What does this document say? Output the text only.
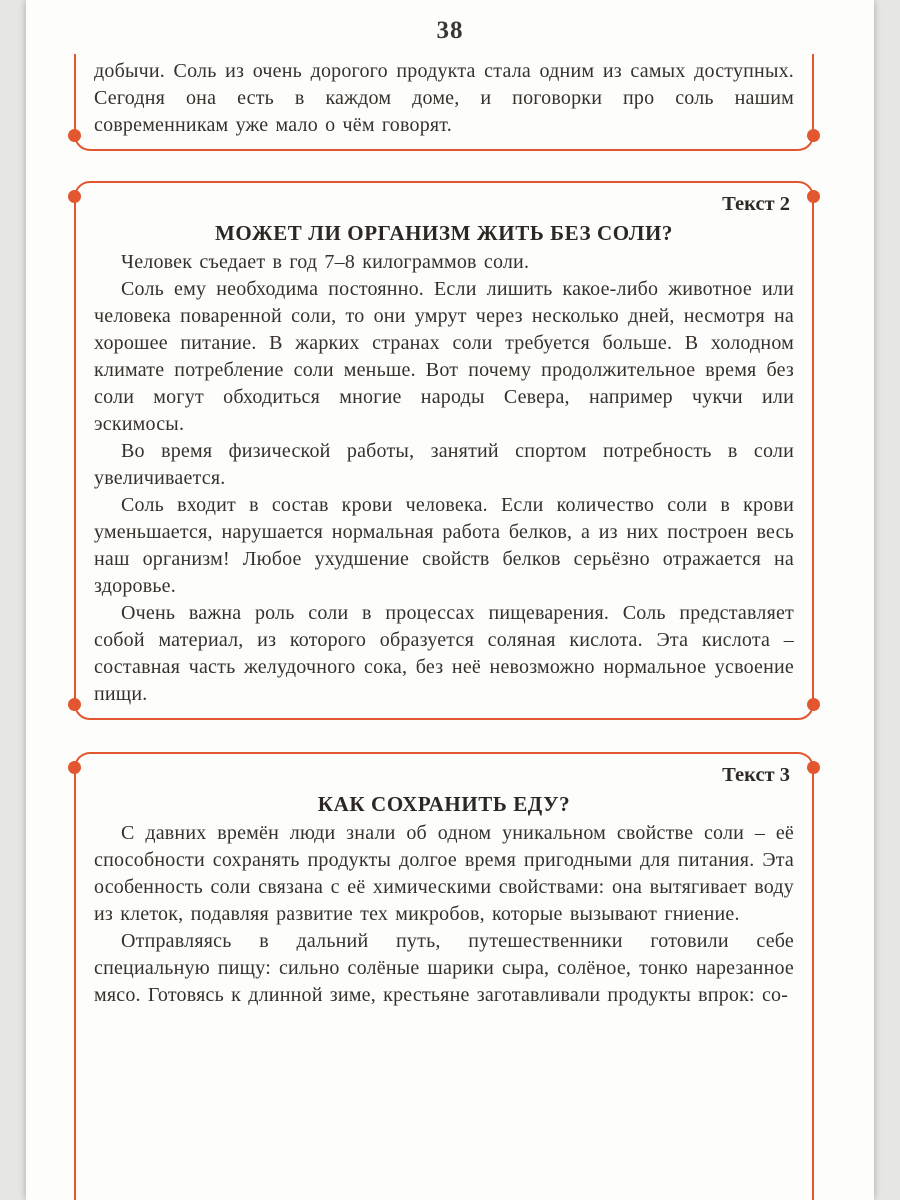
38

добычи. Соль из очень дорогого продукта стала одним из самых доступных. Сегодня она есть в каждом доме, и поговорки про соль нашим современникам уже мало о чём говорят.

Текст 2
МОЖЕТ ЛИ ОРГАНИЗМ ЖИТЬ БЕЗ СОЛИ?

Человек съедает в год 7–8 килограммов соли.

Соль ему необходима постоянно. Если лишить какое-либо животное или человека поваренной соли, то они умрут через несколько дней, несмотря на хорошее питание. В жарких странах соли требуется больше. В холодном климате потребление соли меньше. Вот почему продолжительное время без соли могут обходиться многие народы Севера, например чукчи или эскимосы.

Во время физической работы, занятий спортом потребность в соли увеличивается.

Соль входит в состав крови человека. Если количество соли в крови уменьшается, нарушается нормальная работа белков, а из них построен весь наш организм! Любое ухудшение свойств белков серьёзно отражается на здоровье.

Очень важна роль соли в процессах пищеварения. Соль представляет собой материал, из которого образуется соляная кислота. Эта кислота – составная часть желудочного сока, без неё невозможно нормальное усвоение пищи.

Текст 3
КАК СОХРАНИТЬ ЕДУ?

С давних времён люди знали об одном уникальном свойстве соли – её способности сохранять продукты долгое время пригодными для питания. Эта особенность соли связана с её химическими свойствами: она вытягивает воду из клеток, подавляя развитие тех микробов, которые вызывают гниение.

Отправляясь в дальний путь, путешественники готовили себе специальную пищу: сильно солёные шарики сыра, солёное, тонко нарезанное мясо. Готовясь к длинной зиме, крестьяне заготавливали продукты впрок: со-
